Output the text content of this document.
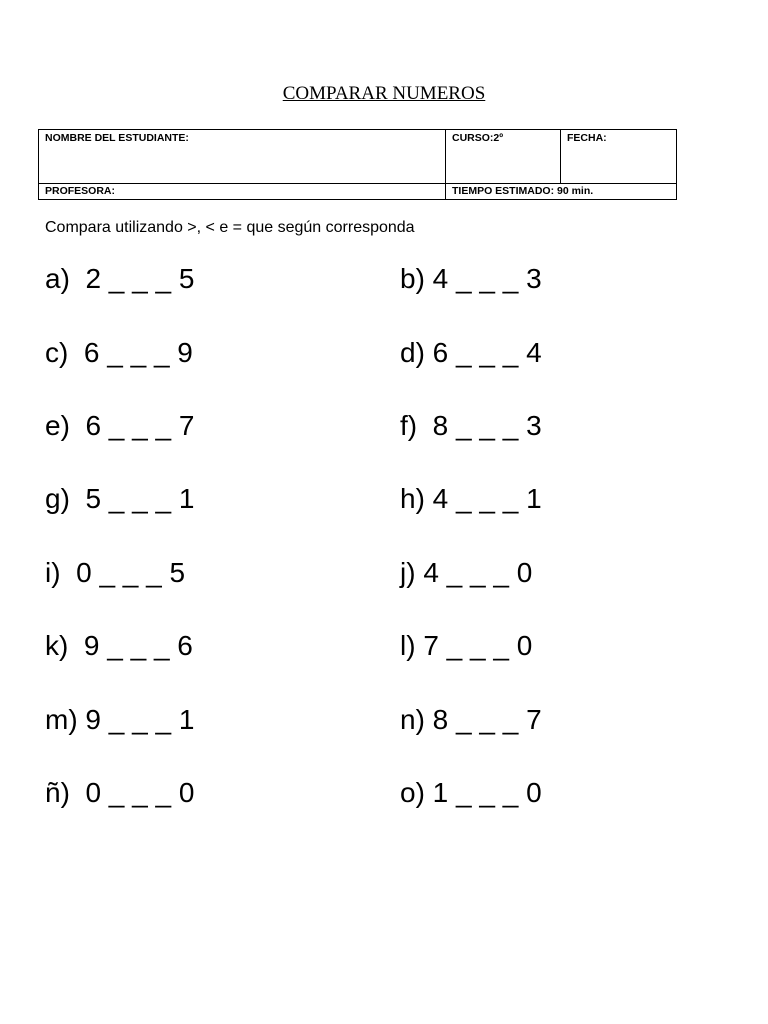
COMPARAR NUMEROS
NOMBRE DEL ESTUDIANTE:	CURSO:2º	FECHA:
PROFESORA:	TIEMPO ESTIMADO: 90 min.	
Compara utilizando >, < e = que según corresponda
a)  2 _ _ _ 5	b) 4 _ _ _ 3
c)  6 _ _ _ 9	d) 6 _ _ _ 4
e)  6 _ _ _ 7	f)  8 _ _ _ 3
g)  5 _ _ _ 1	h) 4 _ _ _ 1
i)  0 _ _ _ 5	j) 4 _ _ _ 0
k)  9 _ _ _ 6	l) 7 _ _ _ 0
m) 9 _ _ _ 1	n) 8 _ _ _ 7
ñ)  0 _ _ _ 0	o) 1 _ _ _ 0
